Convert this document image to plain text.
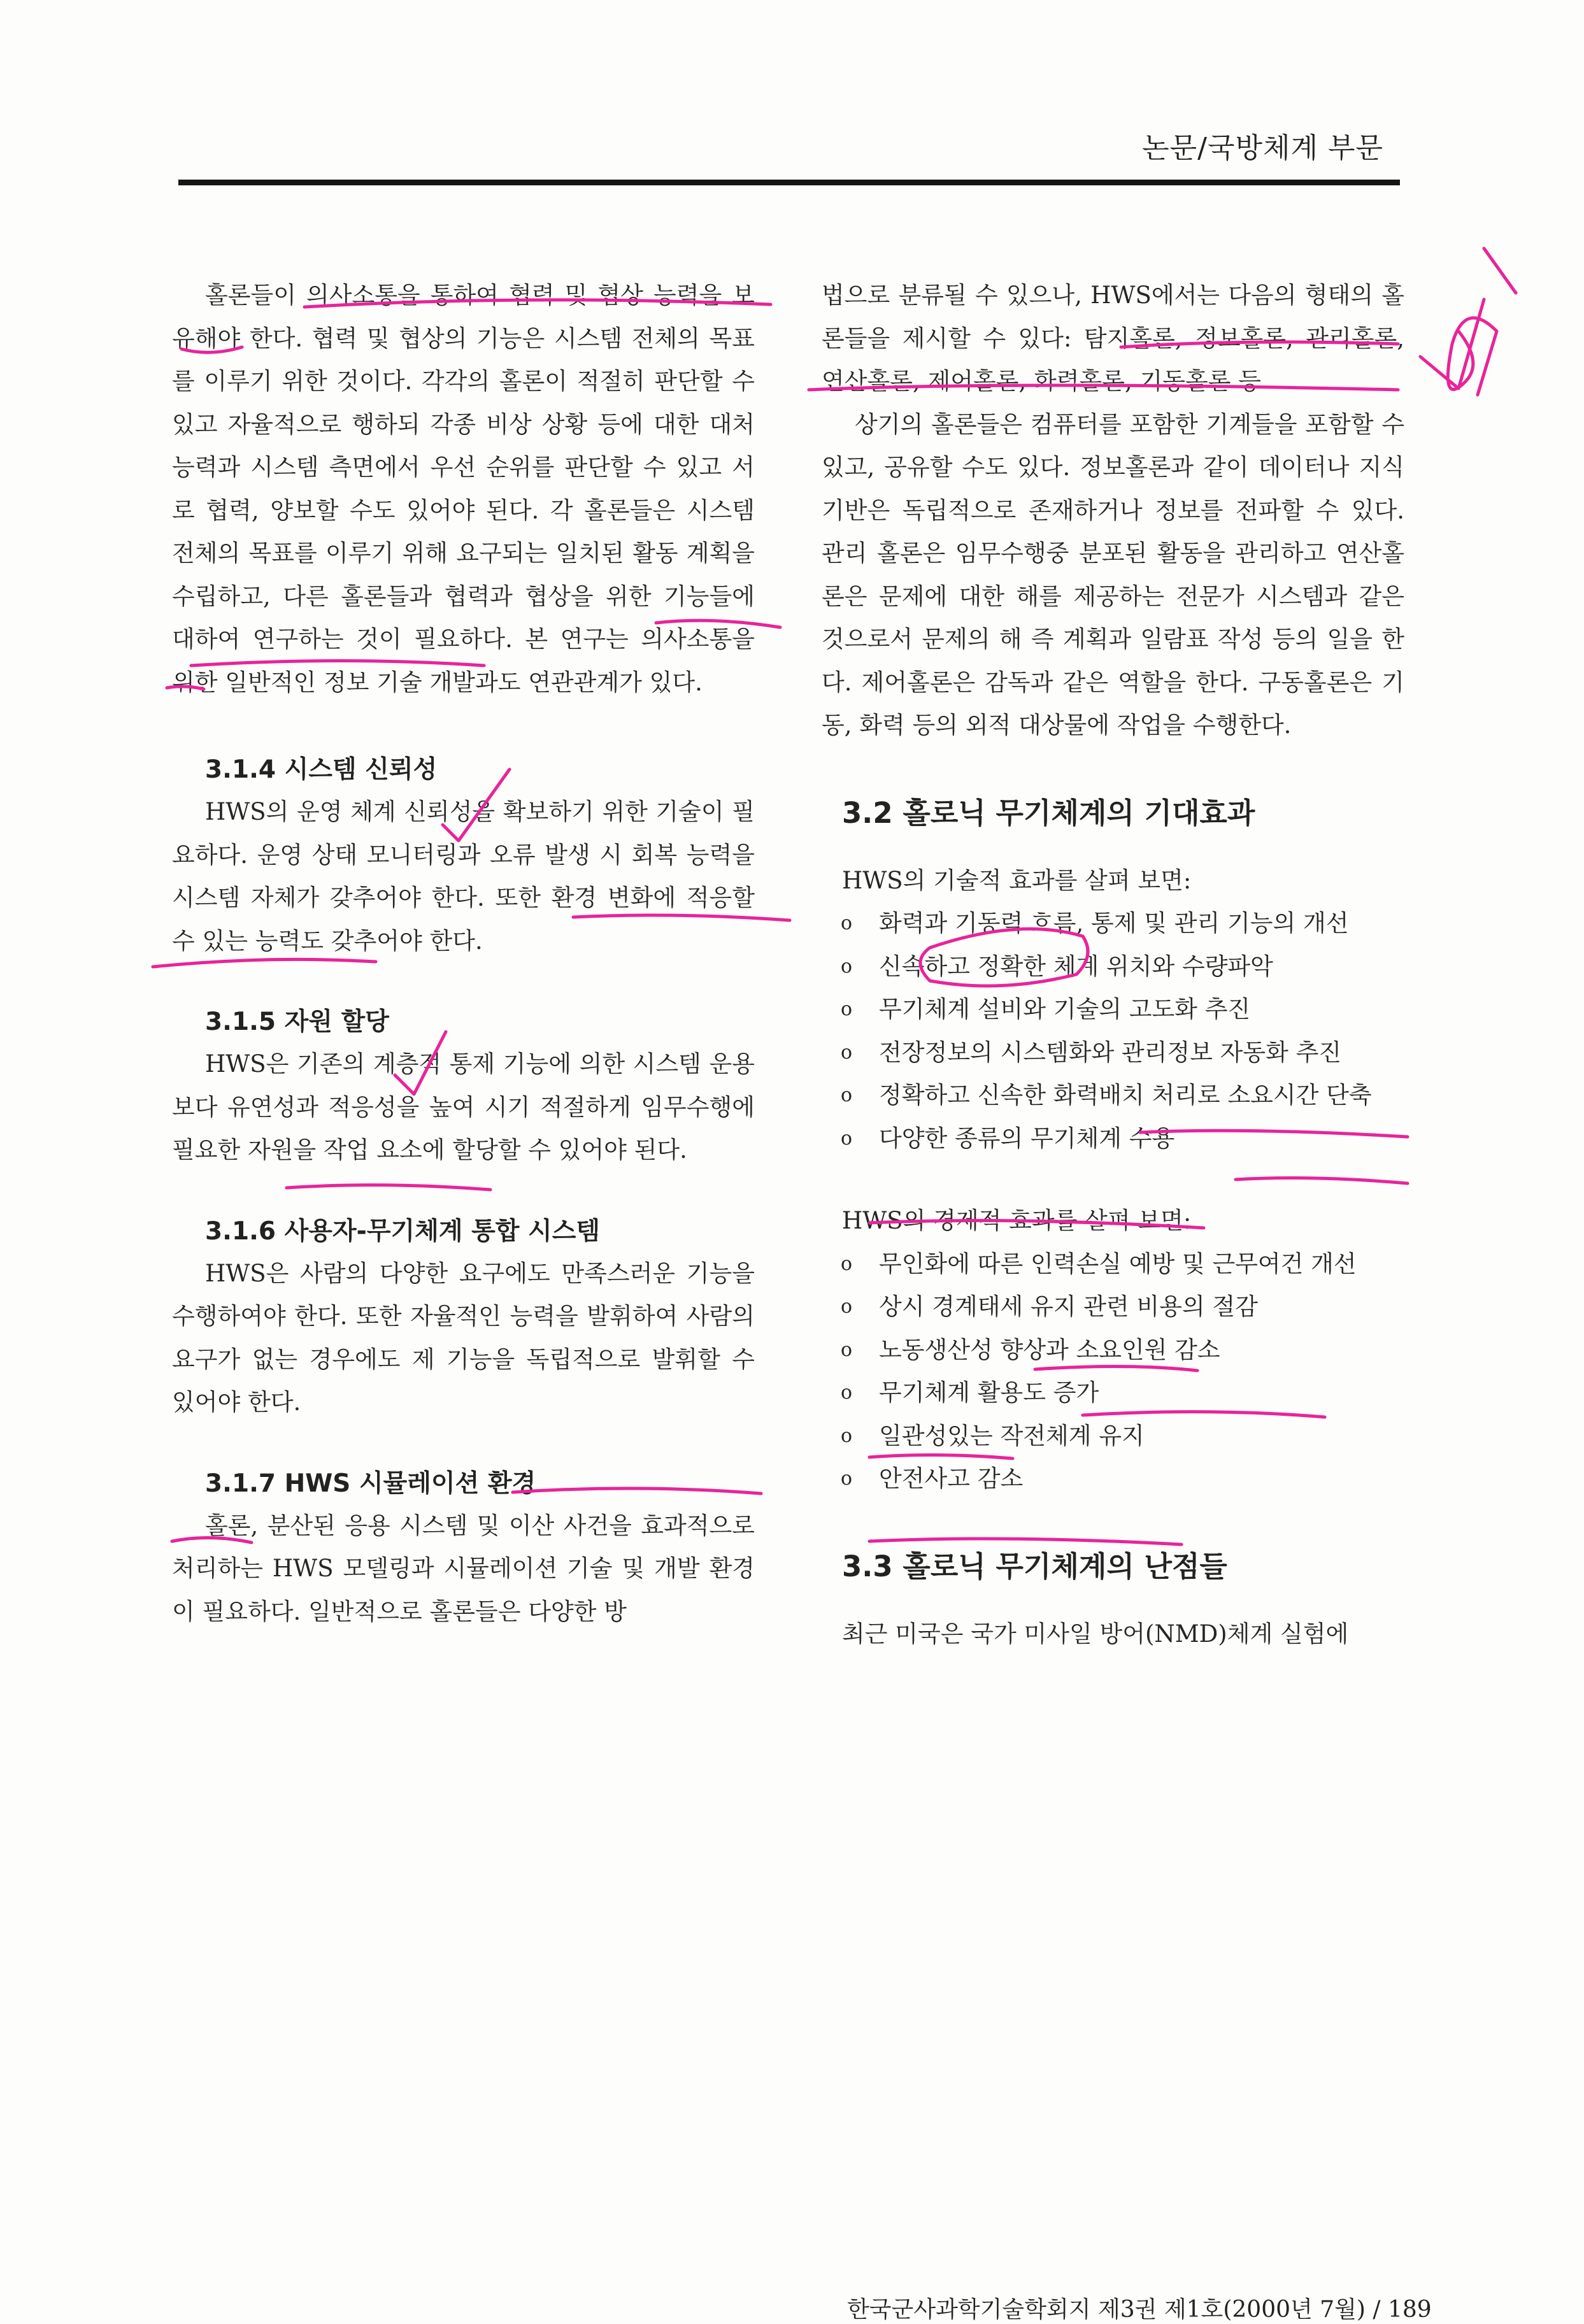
논문/국방체계 부문

홀론들이 의사소통을 통하여 협력 및 협상 능력을 보유해야 한다. 협력 및 협상의 기능은 시스템 전체의 목표를 이루기 위한 것이다. 각각의 홀론이 적절히 판단할 수 있고 자율적으로 행하되 각종 비상 상황 등에 대한 대처 능력과 시스템 측면에서 우선 순위를 판단할 수 있고 서로 협력, 양보할 수도 있어야 된다. 각 홀론들은 시스템 전체의 목표를 이루기 위해 요구되는 일치된 활동 계획을 수립하고, 다른 홀론들과 협력과 협상을 위한 기능들에 대하여 연구하는 것이 필요하다. 본 연구는 의사소통을 위한 일반적인 정보 기술 개발과도 연관관계가 있다.

3.1.4 시스템 신뢰성

HWS의 운영 체계 신뢰성을 확보하기 위한 기술이 필요하다. 운영 상태 모니터링과 오류 발생 시 회복 능력을 시스템 자체가 갖추어야 한다. 또한 환경 변화에 적응할 수 있는 능력도 갖추어야 한다.

3.1.5 자원 할당

HWS은 기존의 계층적 통제 기능에 의한 시스템 운용보다 유연성과 적응성을 높여 시기 적절하게 임무수행에 필요한 자원을 작업 요소에 할당할 수 있어야 된다.

3.1.6 사용자-무기체계 통합 시스템

HWS은 사람의 다양한 요구에도 만족스러운 기능을 수행하여야 한다. 또한 자율적인 능력을 발휘하여 사람의 요구가 없는 경우에도 제 기능을 독립적으로 발휘할 수 있어야 한다.

3.1.7 HWS 시뮬레이션 환경

홀론, 분산된 응용 시스템 및 이산 사건을 효과적으로 처리하는 HWS 모델링과 시뮬레이션 기술 및 개발 환경이 필요하다. 일반적으로 홀론들은 다양한 방

법으로 분류될 수 있으나, HWS에서는 다음의 형태의 홀론들을 제시할 수 있다: 탐지홀론, 정보홀론, 관리홀론, 연산홀론, 제어홀론, 화력홀론, 기동홀론 등

상기의 홀론들은 컴퓨터를 포함한 기계들을 포함할 수 있고, 공유할 수도 있다. 정보홀론과 같이 데이터나 지식 기반은 독립적으로 존재하거나 정보를 전파할 수 있다. 관리 홀론은 임무수행중 분포된 활동을 관리하고 연산홀론은 문제에 대한 해를 제공하는 전문가 시스템과 같은 것으로서 문제의 해 즉 계획과 일람표 작성 등의 일을 한다. 제어홀론은 감독과 같은 역할을 한다. 구동홀론은 기동, 화력 등의 외적 대상물에 작업을 수행한다.

3.2 홀로닉 무기체계의 기대효과

HWS의 기술적 효과를 살펴 보면:

o 화력과 기동력 흐름, 통제 및 관리 기능의 개선
o 신속하고 정확한 체계 위치와 수량파악
o 무기체계 설비와 기술의 고도화 추진
o 전장정보의 시스템화와 관리정보 자동화 추진
o 정확하고 신속한 화력배치 처리로 소요시간 단축
o 다양한 종류의 무기체계 수용

HWS의 경제적 효과를 살펴 보면:

o 무인화에 따른 인력손실 예방 및 근무여건 개선
o 상시 경계태세 유지 관련 비용의 절감
o 노동생산성 향상과 소요인원 감소
o 무기체계 활용도 증가
o 일관성있는 작전체계 유지
o 안전사고 감소
3.3 홀로닉 무기체계의 난점들

최근 미국은 국가 미사일 방어(NMD)체계 실험에

한국군사과학기술학회지 제3권 제1호(2000년 7월) / 189
